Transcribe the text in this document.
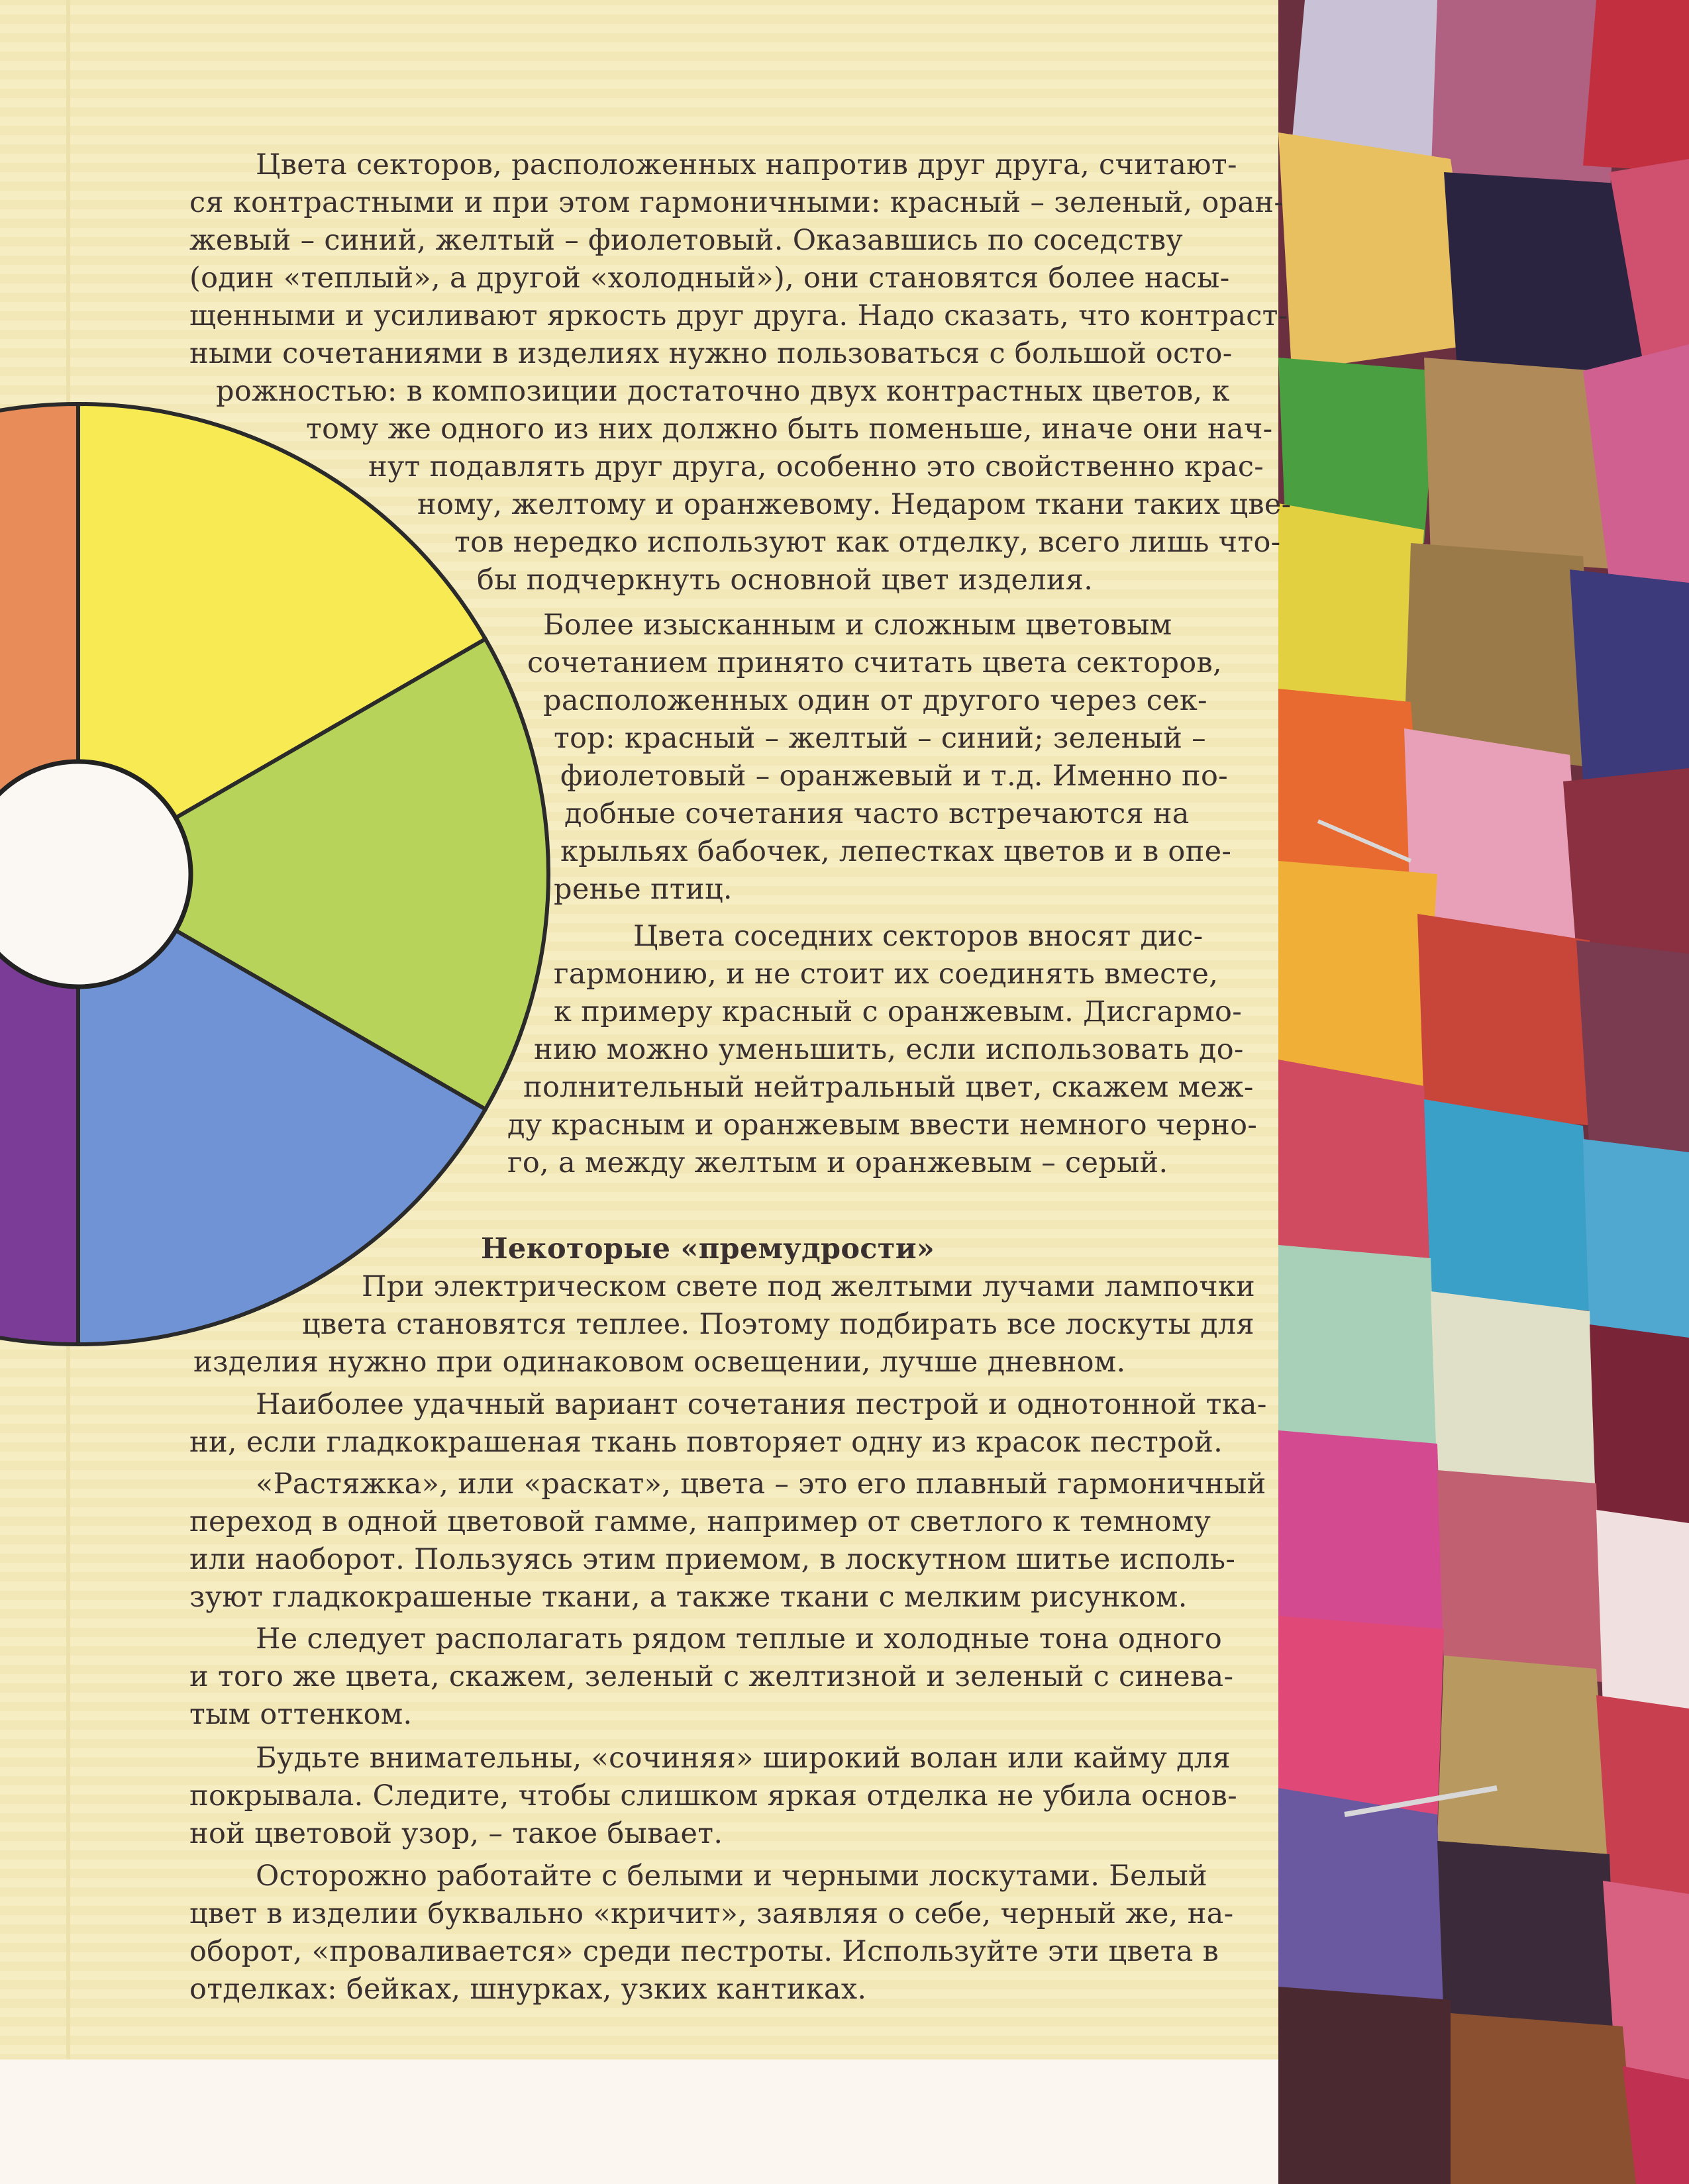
Цвета секторов, расположенных напротив друг друга, считают-
ся контрастными и при этом гармоничными: красный – зеленый, оран-
жевый – синий, желтый – фиолетовый. Оказавшись по соседству
(один «теплый», а другой «холодный»), они становятся более насы-
щенными и усиливают яркость друг друга. Надо сказать, что контраст-
ными сочетаниями в изделиях нужно пользоваться с большой осто-
рожностью: в композиции достаточно двух контрастных цветов, к
тому же одного из них должно быть поменьше, иначе они нач-
нут подавлять друг друга, особенно это свойственно крас-
ному, желтому и оранжевому. Недаром ткани таких цве-
тов нередко используют как отделку, всего лишь что-
бы подчеркнуть основной цвет изделия.
Более изысканным и сложным цветовым
сочетанием принято считать цвета секторов,
расположенных один от другого через сек-
тор: красный – желтый – синий; зеленый –
фиолетовый – оранжевый и т.д. Именно по-
добные сочетания часто встречаются на
крыльях бабочек, лепестках цветов и в опе-
ренье птиц.
Цвета соседних секторов вносят дис-
гармонию, и не стоит их соединять вместе,
к примеру красный с оранжевым. Дисгармо-
нию можно уменьшить, если использовать до-
полнительный нейтральный цвет, скажем меж-
ду красным и оранжевым ввести немного черно-
го, а между желтым и оранжевым – серый.
Некоторые «премудрости»
При электрическом свете под желтыми лучами лампочки
цвета становятся теплее. Поэтому подбирать все лоскуты для
изделия нужно при одинаковом освещении, лучше дневном.
Наиболее удачный вариант сочетания пестрой и однотонной тка-
ни, если гладкокрашеная ткань повторяет одну из красок пестрой.
«Растяжка», или «раскат», цвета – это его плавный гармоничный
переход в одной цветовой гамме, например от светлого к темному
или наоборот. Пользуясь этим приемом, в лоскутном шитье исполь-
зуют гладкокрашеные ткани, а также ткани с мелким рисунком.
Не следует располагать рядом теплые и холодные тона одного
и того же цвета, скажем, зеленый с желтизной и зеленый с синева-
тым оттенком.
Будьте внимательны, «сочиняя» широкий волан или кайму для
покрывала. Следите, чтобы слишком яркая отделка не убила основ-
ной цветовой узор, – такое бывает.
Осторожно работайте с белыми и черными лоскутами. Белый
цвет в изделии буквально «кричит», заявляя о себе, черный же, на-
оборот, «проваливается» среди пестроты. Используйте эти цвета в
отделках: бейках, шнурках, узких кантиках.
